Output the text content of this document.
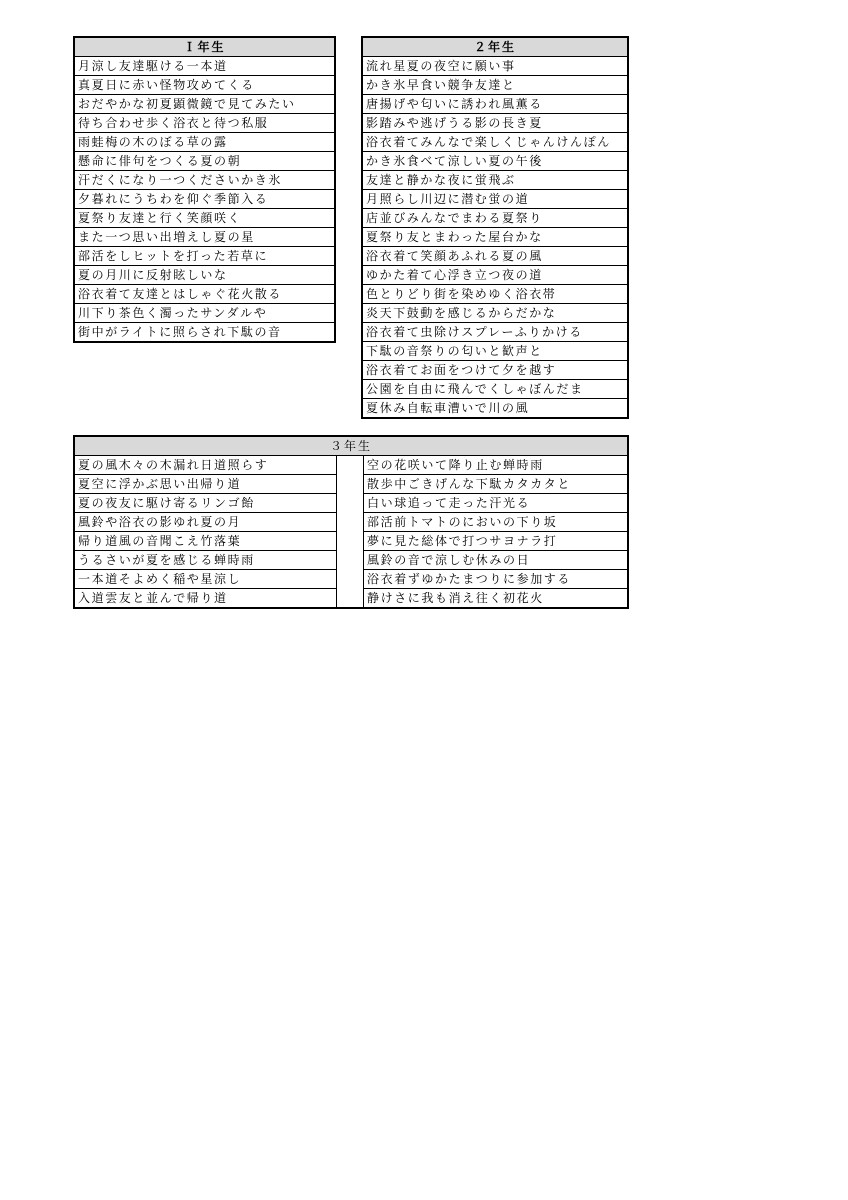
Ｉ年生
月涼し友達駆ける一本道
真夏日に赤い怪物攻めてくる
おだやかな初夏顕微鏡で見てみたい
待ち合わせ歩く浴衣と待つ私服
雨蛙梅の木のぼる草の露
懸命に俳句をつくる夏の朝
汗だくになり一つくださいかき氷
夕暮れにうちわを仰ぐ季節入る
夏祭り友達と行く笑顔咲く
また一つ思い出増えし夏の星
部活をしヒットを打った若草に
夏の月川に反射眩しいな
浴衣着て友達とはしゃぐ花火散る
川下り茶色く濁ったサンダルや
街中がライトに照らされ下駄の音
２年生
流れ星夏の夜空に願い事
かき氷早食い競争友達と
唐揚げや匂いに誘われ風薫る
影踏みや逃げうる影の長き夏
浴衣着てみんなで楽しくじゃんけんぽん
かき氷食べて涼しい夏の午後
友達と静かな夜に蛍飛ぶ
月照らし川辺に潜む蛍の道
店並びみんなでまわる夏祭り
夏祭り友とまわった屋台かな
浴衣着て笑顔あふれる夏の風
ゆかた着て心浮き立つ夜の道
色とりどり街を染めゆく浴衣帯
炎天下鼓動を感じるからだかな
浴衣着て虫除けスプレーふりかける
下駄の音祭りの匂いと歓声と
浴衣着てお面をつけて夕を越す
公園を自由に飛んでくしゃぼんだま
夏休み自転車漕いで川の風
３年生
夏の風木々の木漏れ日道照らす
夏空に浮かぶ思い出帰り道
夏の夜友に駆け寄るリンゴ飴
風鈴や浴衣の影ゆれ夏の月
帰り道風の音聞こえ竹落葉
うるさいが夏を感じる蝉時雨
一本道そよめく稲や星涼し
入道雲友と並んで帰り道
空の花咲いて降り止む蝉時雨
散歩中ごきげんな下駄カタカタと
白い球追って走った汗光る
部活前トマトのにおいの下り坂
夢に見た総体で打つサヨナラ打
風鈴の音で涼しむ休みの日
浴衣着ずゆかたまつりに参加する
静けさに我も消え往く初花火
